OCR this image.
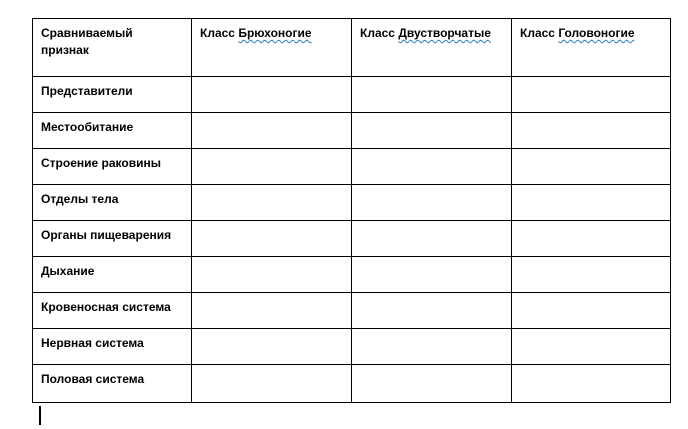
Сравниваемый признак	Класс Брюхоногие	Класс Двустворчатые	Класс Головоногие
Представители			
Местообитание			
Строение раковины			
Отделы тела			
Органы пищеварения			
Дыхание			
Кровеносная система			
Нервная система			
Половая система			
